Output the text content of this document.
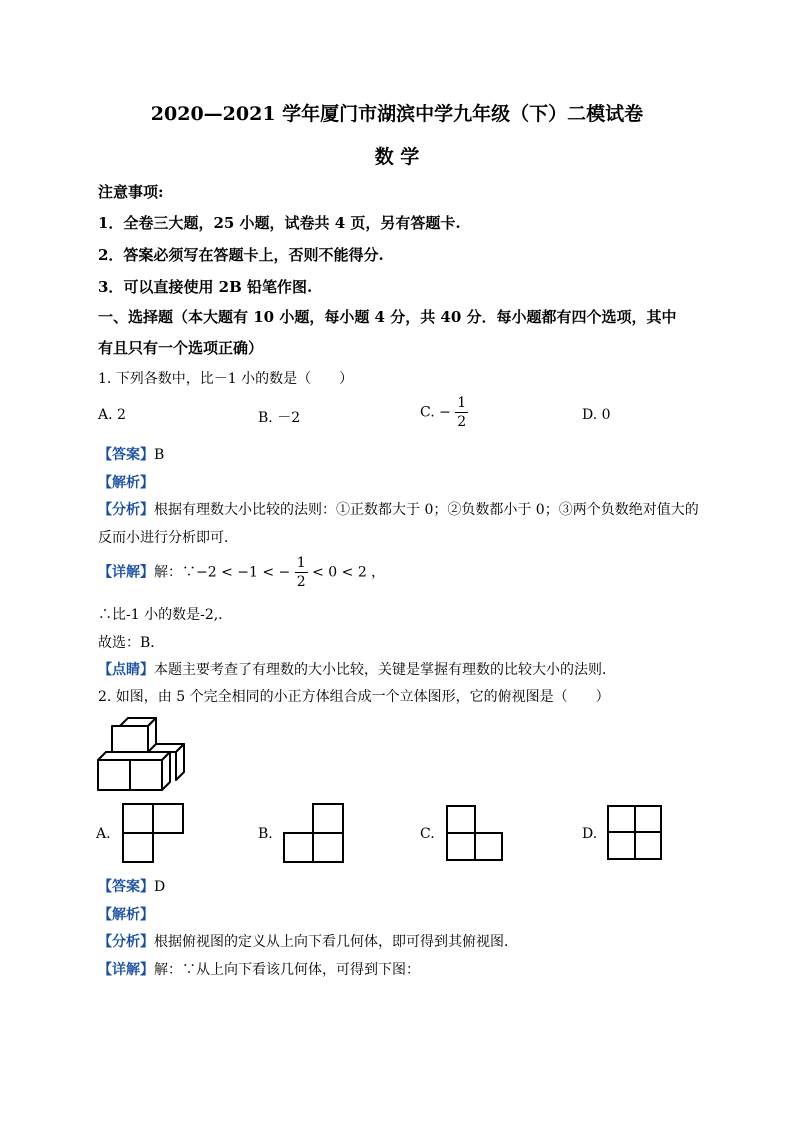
2020—2021 学年厦门市湖滨中学九年级（下）二模试卷
数 学
注意事项:
1．全卷三大题，25 小题，试卷共 4 页，另有答题卡.
2．答案必须写在答题卡上，否则不能得分.
3．可以直接使用 2B 铅笔作图.
一、选择题（本大题有 10 小题，每小题 4 分，共 40 分．每小题都有四个选项，其中
有且只有一个选项正确）
1. 下列各数中，比－1 小的数是（　　）
A. 2	B. －2	C. − $\frac{1}{2}$	D. 0
【答案】B
【解析】
【分析】根据有理数大小比较的法则：①正数都大于 0；②负数都小于 0；③两个负数绝对值大的
反而小进行分析即可．
【详解】解：∵−2 < −1 < − $\frac{1}{2} < 0 < 2$ ，
∴比-1 小的数是-2,.
故选：B．
【点睛】本题主要考查了有理数的大小比较，关键是掌握有理数的比较大小的法则．
2. 如图，由 5 个完全相同的小正方体组合成一个立体图形，它的俯视图是（　　）
A.	B.	C.	D.
【答案】D
【解析】
【分析】根据俯视图的定义从上向下看几何体，即可得到其俯视图．
【详解】解：∵从上向下看该几何体，可得到下图：
